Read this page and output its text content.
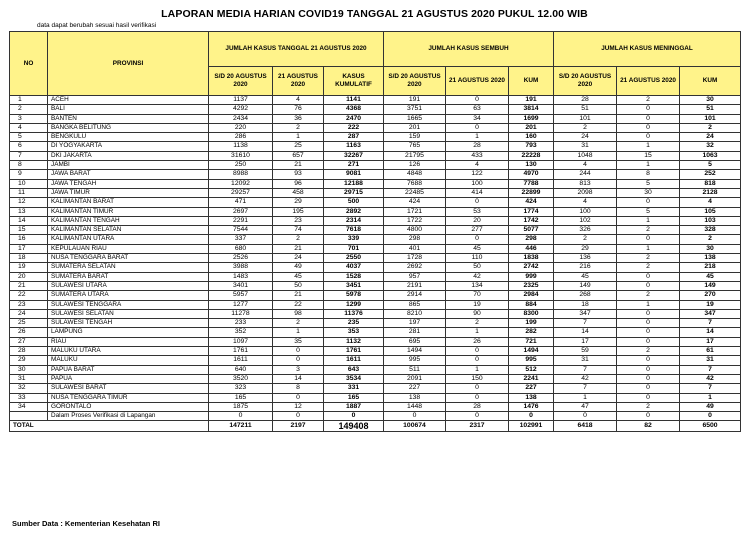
LAPORAN MEDIA HARIAN COVID19 TANGGAL 21 AGUSTUS 2020 PUKUL 12.00 WIB
data dapat berubah sesuai hasil verifikasi
NO	PROVINSI	JUMLAH KASUS TANGGAL 21 AGUSTUS 2020			JUMLAH KASUS SEMBUH			JUMLAH KASUS MENINGGAL		
		S/D 20 AGUSTUS 2020	21 AGUSTUS 2020	KASUS KUMULATIF	S/D 20 AGUSTUS 2020	21 AGUSTUS 2020	KUM	S/D 20 AGUSTUS 2020	21 AGUSTUS 2020	KUM
1	ACEH	1137	4	1141	191	0	191	28	2	30
2	BALI	4292	76	4368	3751	63	3814	51	0	51
3	BANTEN	2434	36	2470	1665	34	1699	101	0	101
4	BANGKA BELITUNG	220	2	222	201	0	201	2	0	2
5	BENGKULU	286	1	287	159	1	160	24	0	24
6	DI YOGYAKARTA	1138	25	1163	765	28	793	31	1	32
7	DKI JAKARTA	31610	657	32267	21795	433	22228	1048	15	1063
8	JAMBI	250	21	271	126	4	130	4	1	5
9	JAWA BARAT	8988	93	9081	4848	122	4970	244	8	252
10	JAWA TENGAH	12092	96	12188	7688	100	7788	813	5	818
11	JAWA TIMUR	29257	458	29715	22485	414	22899	2098	30	2128
12	KALIMANTAN BARAT	471	29	500	424	0	424	4	0	4
13	KALIMANTAN TIMUR	2697	195	2892	1721	53	1774	100	5	105
14	KALIMANTAN TENGAH	2291	23	2314	1722	20	1742	102	1	103
15	KALIMANTAN SELATAN	7544	74	7618	4800	277	5077	326	2	328
16	KALIMANTAN UTARA	337	2	339	298	0	298	2	0	2
17	KEPULAUAN RIAU	680	21	701	401	45	446	29	1	30
18	NUSA TENGGARA BARAT	2526	24	2550	1728	110	1838	136	2	138
19	SUMATERA SELATAN	3988	49	4037	2692	50	2742	216	2	218
20	SUMATERA BARAT	1483	45	1528	957	42	999	45	0	45
21	SULAWESI UTARA	3401	50	3451	2191	134	2325	149	0	149
22	SUMATERA UTARA	5957	21	5978	2914	70	2984	268	2	270
23	SULAWESI TENGGARA	1277	22	1299	865	19	884	18	1	19
24	SULAWESI SELATAN	11278	98	11376	8210	90	8300	347	0	347
25	SULAWESI TENGAH	233	2	235	197	2	199	7	0	7
26	LAMPUNG	352	1	353	281	1	282	14	0	14
27	RIAU	1097	35	1132	695	26	721	17	0	17
28	MALUKU UTARA	1761	0	1761	1494	0	1494	59	2	61
29	MALUKU	1611	0	1611	995	0	995	31	0	31
30	PAPUA BARAT	640	3	643	511	1	512	7	0	7
31	PAPUA	3520	14	3534	2091	150	2241	42	0	42
32	SULAWESI BARAT	323	8	331	227	0	227	7	0	7
33	NUSA TENGGARA TIMUR	165	0	165	138	0	138	1	0	1
34	GORONTALO	1875	12	1887	1448	28	1476	47	2	49
	Dalam Proses Verifikasi di Lapangan	0	0	0	0	0	0	0	0	0
TOTAL		147211	2197	149408	100674	2317	102991	6418	82	6500
Sumber Data : Kementerian Kesehatan RI
